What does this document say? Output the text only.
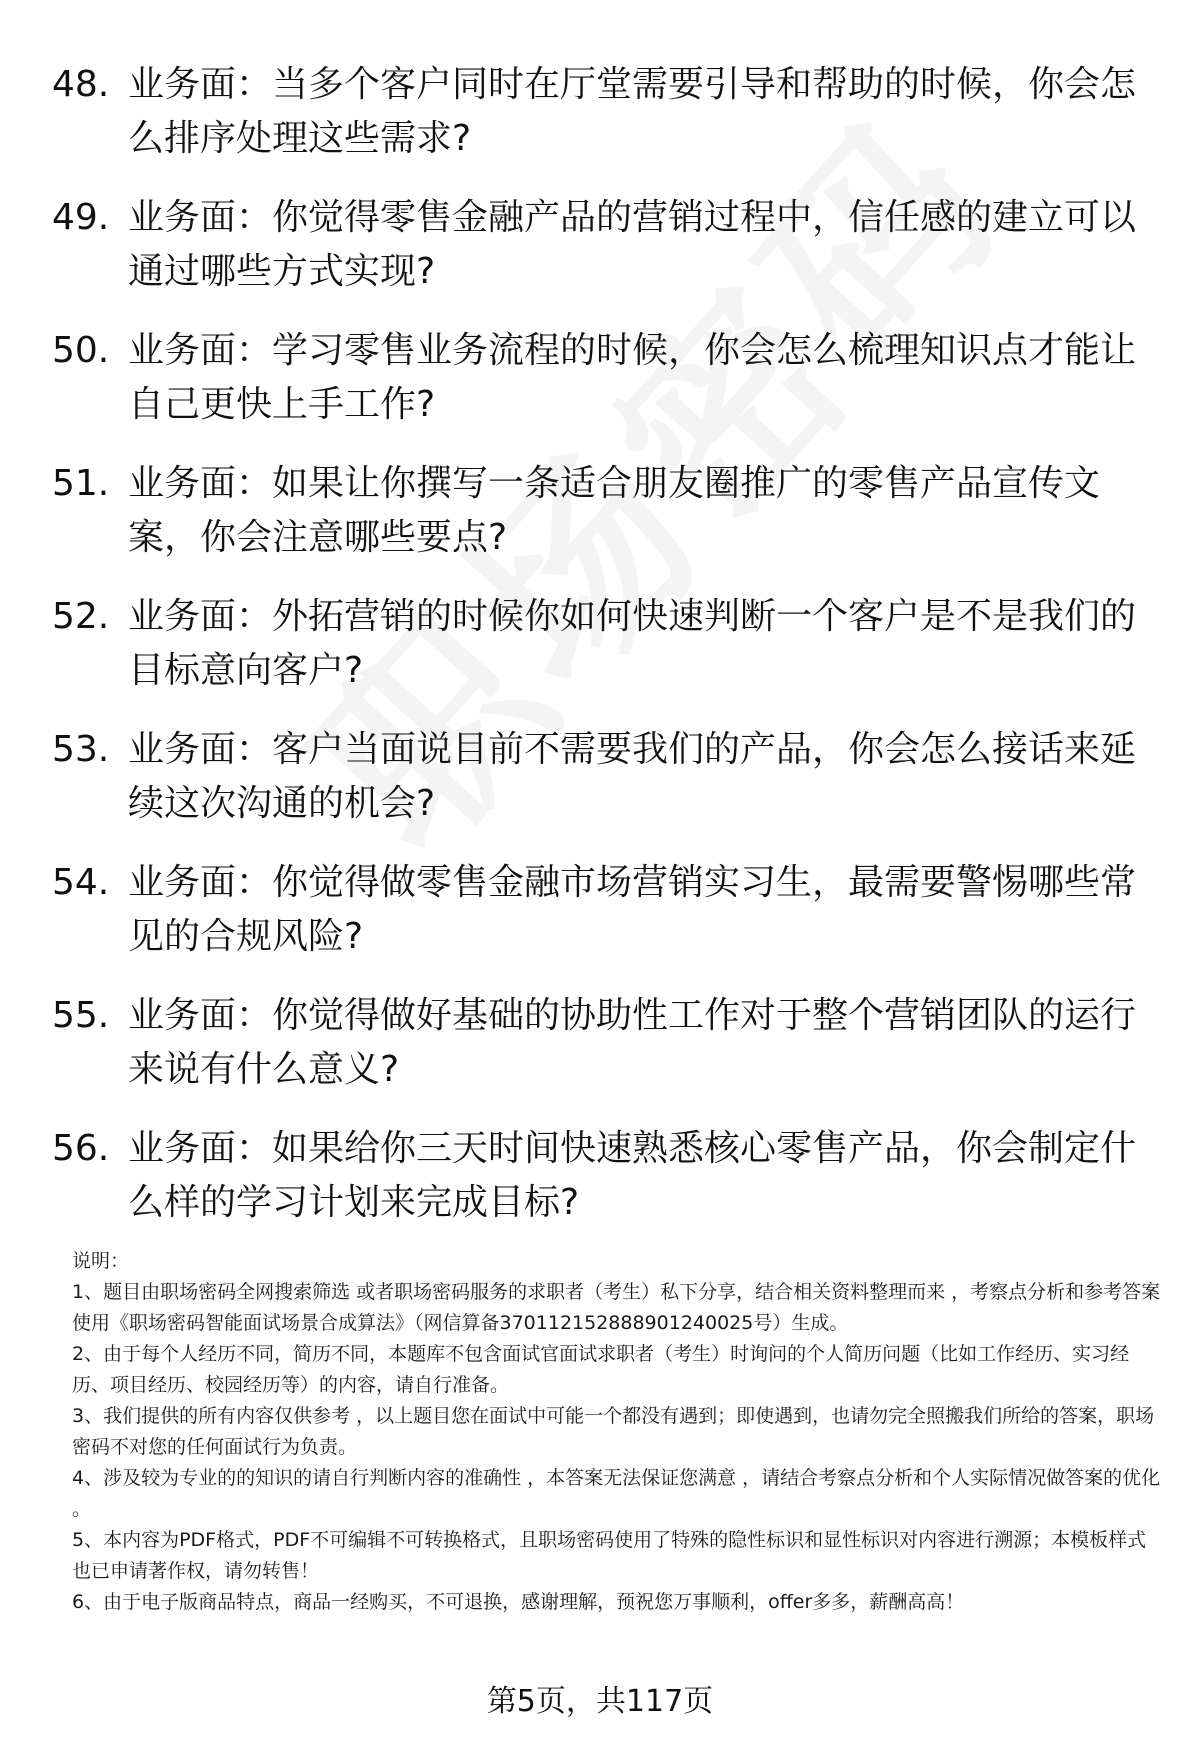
48. 业务面：当多个客户同时在厅堂需要引导和帮助的时候，你会怎么排序处理这些需求?
49. 业务面：你觉得零售金融产品的营销过程中，信任感的建立可以通过哪些方式实现?
50. 业务面：学习零售业务流程的时候，你会怎么梳理知识点才能让自己更快上手工作?
51. 业务面：如果让你撰写一条适合朋友圈推广的零售产品宣传文案，你会注意哪些要点?
52. 业务面：外拓营销的时候你如何快速判断一个客户是不是我们的目标意向客户?
53. 业务面：客户当面说目前不需要我们的产品，你会怎么接话来延续这次沟通的机会?
54. 业务面：你觉得做零售金融市场营销实习生，最需要警惕哪些常见的合规风险?
55. 业务面：你觉得做好基础的协助性工作对于整个营销团队的运行来说有什么意义?
56. 业务面：如果给你三天时间快速熟悉核心零售产品，你会制定什么样的学习计划来完成目标?

说明：

1、题目由职场密码全网搜索筛选 或者职场密码服务的求职者（考生）私下分享，结合相关资料整理而来 ，考察点分析和参考答案使用《职场密码智能面试场景合成算法》（网信算备370112152888901240025号）生成。

2、由于每个人经历不同，简历不同，本题库不包含面试官面试求职者（考生）时询问的个人简历问题（比如工作经历、实习经历、项目经历、校园经历等）的内容，请自行准备。

3、我们提供的所有内容仅供参考 ，以上题目您在面试中可能一个都没有遇到；即使遇到，也请勿完全照搬我们所给的答案，职场密码不对您的任何面试行为负责。

4、涉及较为专业的的知识的请自行判断内容的准确性 ，本答案无法保证您满意 ，请结合考察点分析和个人实际情况做答案的优化 。

5、本内容为PDF格式，PDF不可编辑不可转换格式，且职场密码使用了特殊的隐性标识和显性标识对内容进行溯源；本模板样式也已申请著作权，请勿转售！

6、由于电子版商品特点，商品一经购买，不可退换，感谢理解，预祝您万事顺利，offer多多，薪酬高高！

第5页，共117页
